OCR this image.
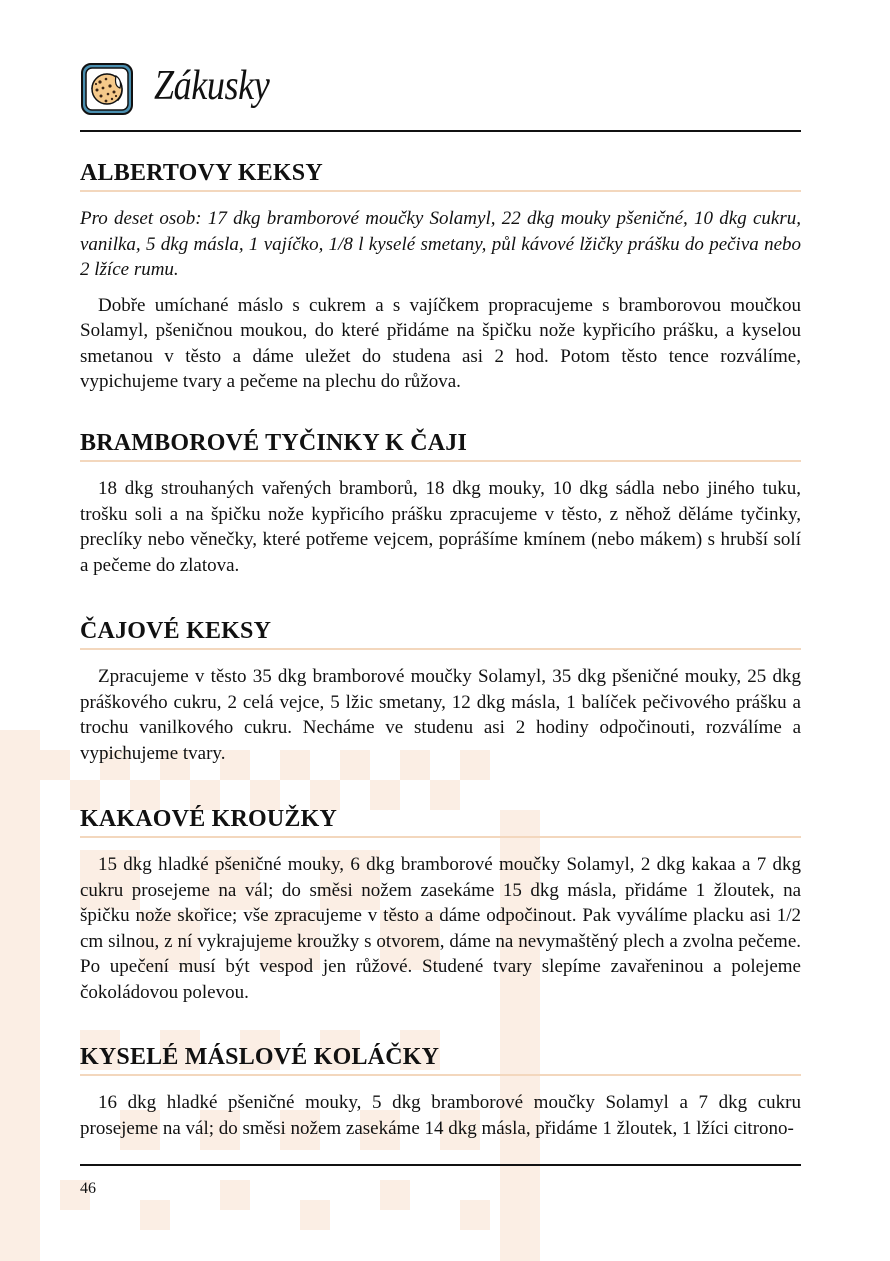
Zákusky
ALBERTOVY KEKSY

Pro deset osob: 17 dkg bramborové moučky Solamyl, 22 dkg mouky pšeničné, 10 dkg cukru, vanilka, 5 dkg másla, 1 vajíčko, 1/8 l kyselé smetany, půl kávové lžičky prášku do pečiva nebo 2 lžíce rumu.

Dobře umíchané máslo s cukrem a s vajíčkem propracujeme s bramborovou moučkou Solamyl, pšeničnou moukou, do které přidáme na špičku nože kypřicího prášku, a kyselou smetanou v těsto a dáme uležet do studena asi 2 hod. Potom těsto tence rozválíme, vypichujeme tvary a pečeme na plechu do růžova.

BRAMBOROVÉ TYČINKY K ČAJI

18 dkg strouhaných vařených bramborů, 18 dkg mouky, 10 dkg sádla nebo jiného tuku, trošku soli a na špičku nože kypřicího prášku zpracujeme v těsto, z něhož děláme tyčinky, preclíky nebo věnečky, které potřeme vejcem, poprášíme kmínem (nebo mákem) s hrubší solí a pečeme do zlatova.

ČAJOVÉ KEKSY

Zpracujeme v těsto 35 dkg bramborové moučky Solamyl, 35 dkg pšeničné mouky, 25 dkg práškového cukru, 2 celá vejce, 5 lžic smetany, 12 dkg másla, 1 balíček pečivového prášku a trochu vanilkového cukru. Necháme ve studenu asi 2 hodiny odpočinouti, rozválíme a vypichujeme tvary.

KAKAOVÉ KROUŽKY

15 dkg hladké pšeničné mouky, 6 dkg bramborové moučky Solamyl, 2 dkg kakaa a 7 dkg cukru prosejeme na vál; do směsi nožem zasekáme 15 dkg másla, přidáme 1 žloutek, na špičku nože skořice; vše zpracujeme v těsto a dáme odpočinout. Pak vyválíme placku asi 1/2 cm silnou, z ní vykrajujeme kroužky s otvorem, dáme na nevymaštěný plech a zvolna pečeme. Po upečení musí být vespod jen růžové. Studené tvary slepíme zavařeninou a polejeme čokoládovou polevou.

KYSELÉ MÁSLOVÉ KOLÁČKY

16 dkg hladké pšeničné mouky, 5 dkg bramborové moučky Solamyl a 7 dkg cukru prosejeme na vál; do směsi nožem zasekáme 14 dkg másla, přidáme 1 žloutek, 1 lžíci citrono-

46
